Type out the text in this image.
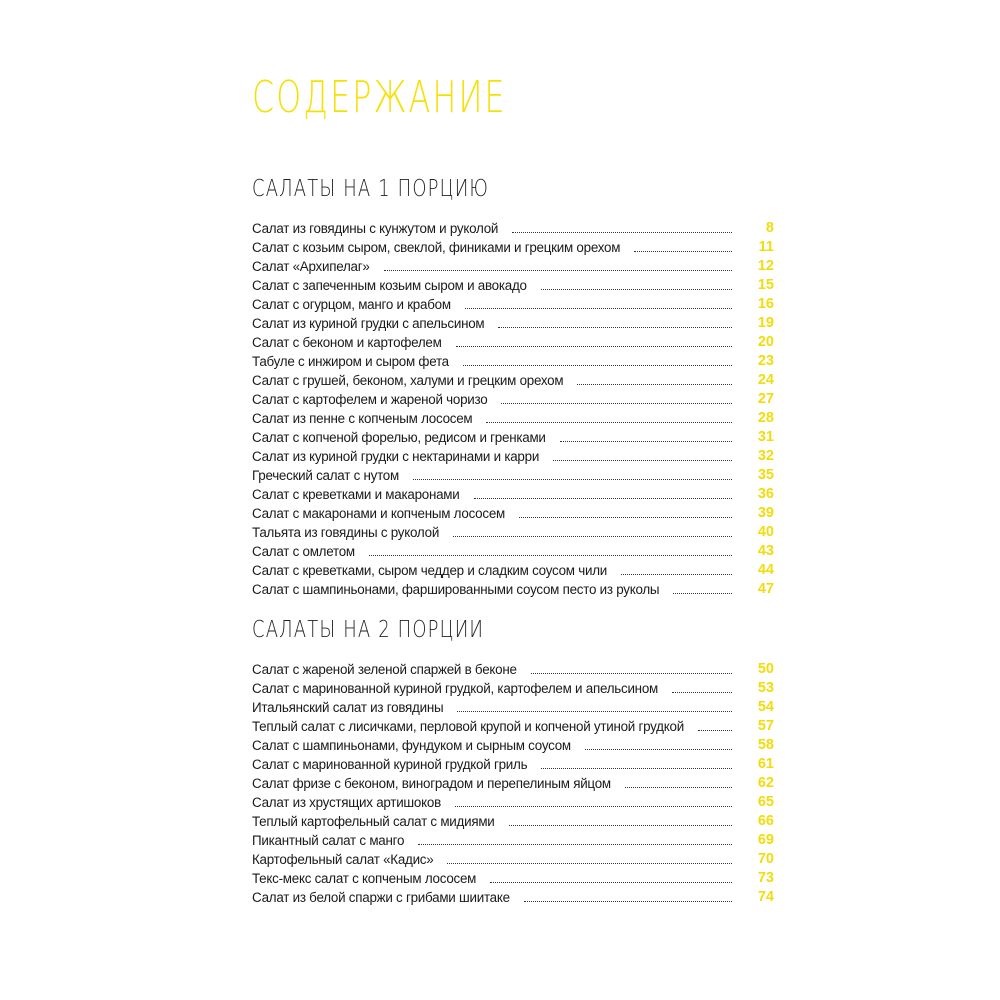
СОДЕРЖАНИЕ
САЛАТЫ НА 1 ПОРЦИЮ
Салат из говядины с кунжутом и руколой	8
Салат с козьим сыром, свеклой, финиками и грецким орехом	11
Салат «Архипелаг»	12
Салат с запеченным козьим сыром и авокадо	15
Салат с огурцом, манго и крабом	16
Салат из куриной грудки с апельсином	19
Салат с беконом и картофелем	20
Табуле с инжиром и сыром фета	23
Салат с грушей, беконом, халуми и грецким орехом	24
Салат с картофелем и жареной чоризо	27
Салат из пенне с копченым лососем	28
Салат с копченой форелью, редисом и гренками	31
Салат из куриной грудки с нектаринами и карри	32
Греческий салат с нутом	35
Салат с креветками и макаронами	36
Салат с макаронами и копченым лососем	39
Тальята из говядины с руколой	40
Салат с омлетом	43
Салат с креветками, сыром чеддер и сладким соусом чили	44
Салат с шампиньонами, фаршированными соусом песто из руколы	47
САЛАТЫ НА 2 ПОРЦИИ
Салат с жареной зеленой спаржей в беконе	50
Салат с маринованной куриной грудкой, картофелем и апельсином	53
Итальянский салат из говядины	54
Теплый салат с лисичками, перловой крупой и копченой утиной грудкой	57
Салат с шампиньонами, фундуком и сырным соусом	58
Салат с маринованной куриной грудкой гриль	61
Салат фризе с беконом, виноградом и перепелиным яйцом	62
Салат из хрустящих артишоков	65
Теплый картофельный салат с мидиями	66
Пикантный салат с манго	69
Картофельный салат «Кадис»	70
Текс-мекс салат с копченым лососем	73
Салат из белой спаржи с грибами шиитаке	74
